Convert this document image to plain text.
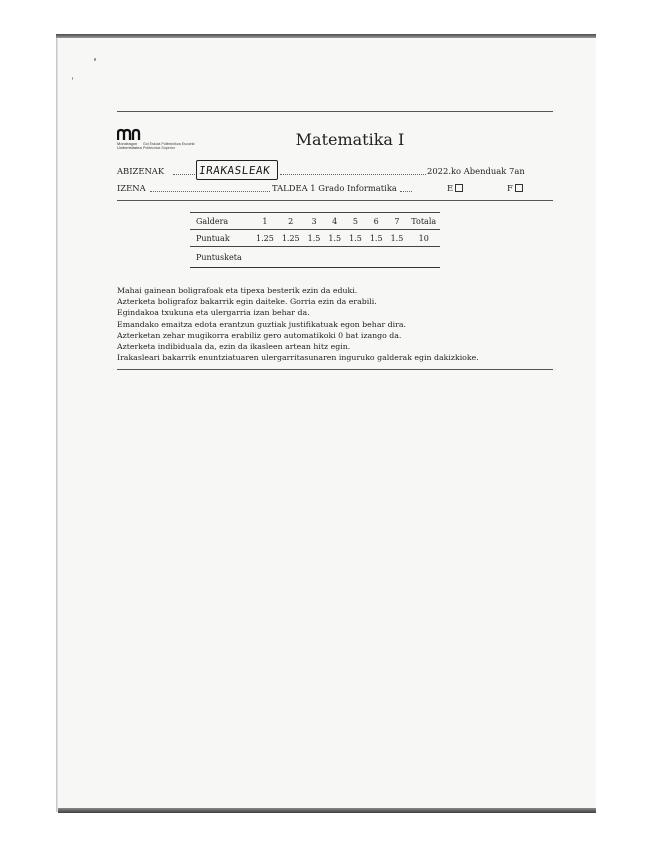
Mondragon Unibertsitatea
Goi Eskola Politeknikoa Escuela Politécnica Superior	Matematika I
ABIZENAK	IRAKASLEAK	2022.ko Abenduak 7an
IZENA	TALDEA 1 Grado Informatika	E	F
Galdera	1	2	3	4	5	6	7	Totala
Puntuak	1.25	1.25	1.5	1.5	1.5	1.5	1.5	10
Puntusketa								
Mahai gainean boligrafoak eta tipexa besterik ezin da eduki.
Azterketa boligrafoz bakarrik egin daiteke. Gorria ezin da erabili.
Egindakoa txukuna eta ulergarria izan behar da.
Emandako emaitza edota erantzun guztiak justifikatuak egon behar dira.
Azterketan zehar mugikorra erabiliz gero automatikoki 0 bat izango da.
Azterketa indibiduala da, ezin da ikasleen artean hitz egin.
Irakasleari bakarrik enuntziatuaren ulergarritasunaren inguruko galderak egin dakizkioke.
